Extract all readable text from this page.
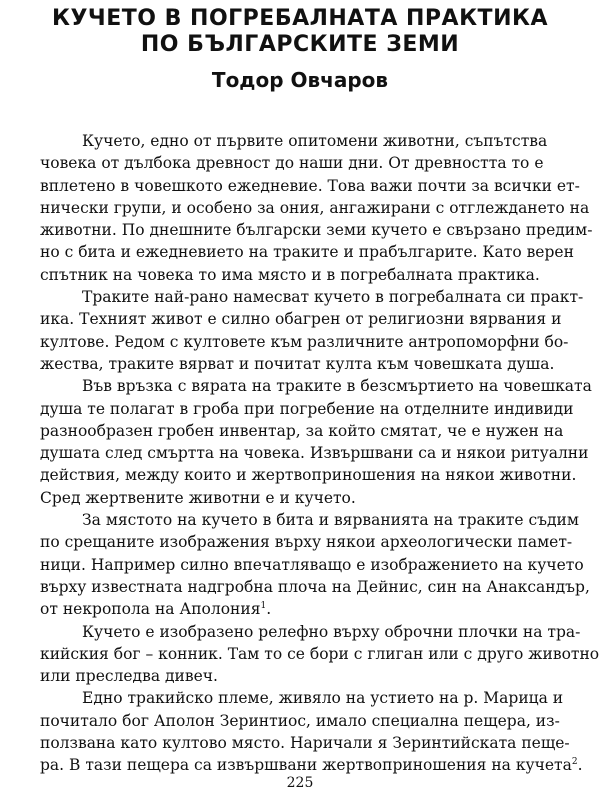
КУЧЕТО В ПОГРЕБАЛНАТА ПРАКТИКА
ПО БЪЛГАРСКИТЕ ЗЕМИ
Тодор Овчаров
Кучето, едно от първите опитомени животни, съпътства
човека от дълбока древност до наши дни. От древността то е
вплетено в човешкото ежедневие. Това важи почти за всички ет-
нически групи, и особено за ония, ангажирани с отглеждането на
животни. По днешните български земи кучето е свързано предим-
но с бита и ежедневието на траките и прабългарите. Като верен
спътник на човека то има място и в погребалната практика.
Траките най-рано намесват кучето в погребалната си практ-
ика. Техният живот е силно обагрен от религиозни вярвания и
култове. Редом с култовете към различните антропоморфни бо-
жества, траките вярват и почитат култа към човешката душа.
Във връзка с вярата на траките в безсмъртието на човешката
душа те полагат в гроба при погребение на отделните индивиди
разнообразен гробен инвентар, за който смятат, че е нужен на
душата след смъртта на човека. Извършвани са и някои ритуални
действия, между които и жертвоприношения на някои животни.
Сред жертвените животни е и кучето.
За мястото на кучето в бита и вярванията на траките съдим
по срещаните изображения върху някои археологически памет-
ници. Например силно впечатляващо е изображението на кучето
върху известната надгробна плоча на Дейнис, син на Анаксандър,
от некропола на Аполония$^1$.
Кучето е изобразено релефно върху оброчни плочки на тра-
кийския бог – конник. Там то се бори с глиган или с друго животно
или преследва дивеч.
Едно тракийско племе, живяло на устието на р. Марица и
почитало бог Аполон Зеринтиос, имало специална пещера, из-
ползвана като култово място. Наричали я Зеринтийската пеще-
ра. В тази пещера са извършвани жертвоприношения на кучета$^2$.
225
